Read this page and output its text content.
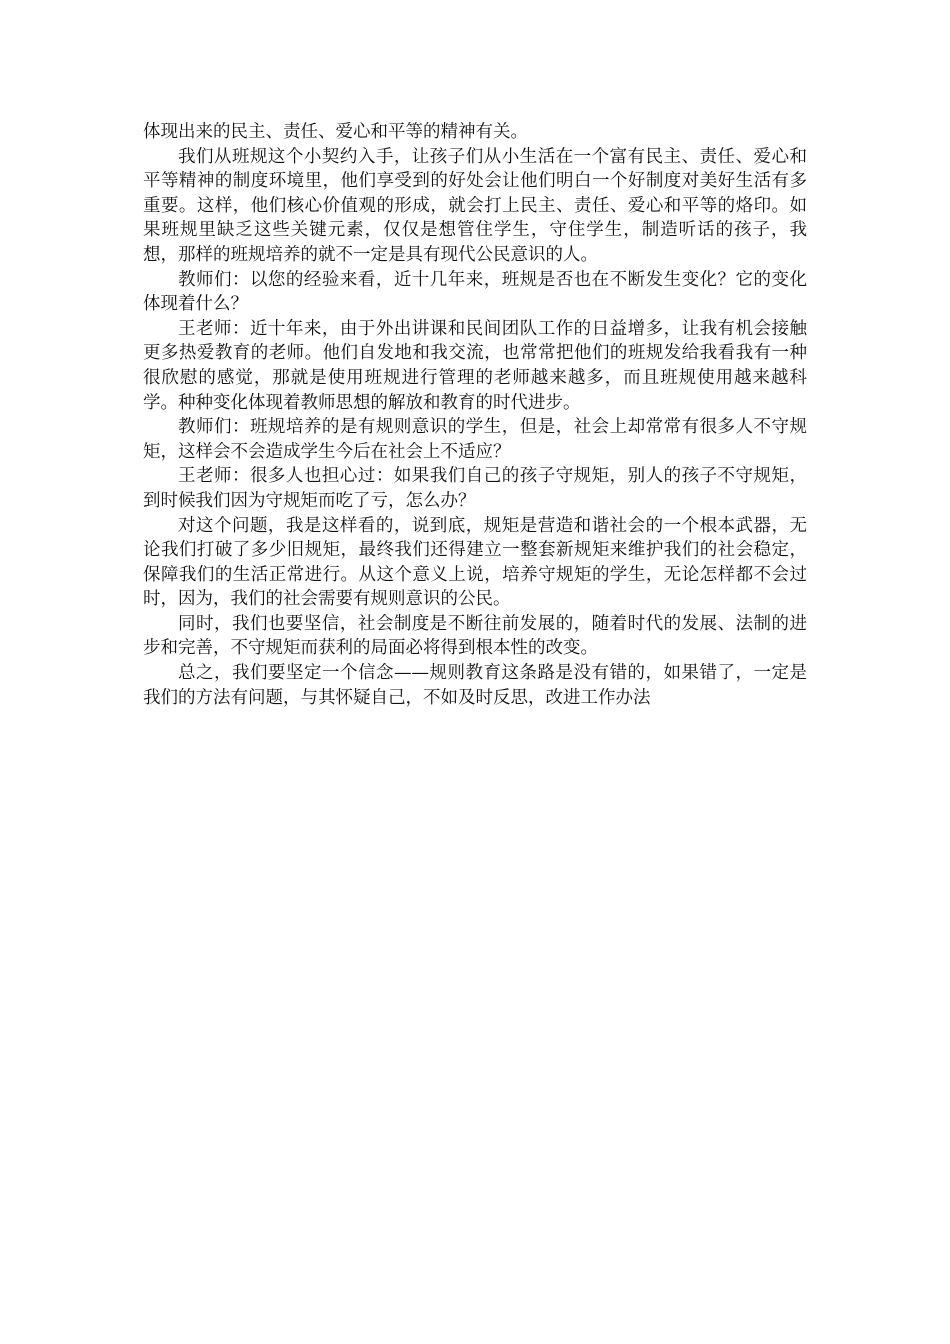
体现出来的民主、责任、爱心和平等的精神有关。

我们从班规这个小契约入手，让孩子们从小生活在一个富有民主、责任、爱心和平等精神的制度环境里，他们享受到的好处会让他们明白一个好制度对美好生活有多重要。这样，他们核心价值观的形成，就会打上民主、责任、爱心和平等的烙印。如果班规里缺乏这些关键元素，仅仅是想管住学生，守住学生，制造听话的孩子，我想，那样的班规培养的就不一定是具有现代公民意识的人。

教师们：以您的经验来看，近十几年来，班规是否也在不断发生变化？它的变化体现着什么？

王老师：近十年来，由于外出讲课和民间团队工作的日益增多，让我有机会接触更多热爱教育的老师。他们自发地和我交流，也常常把他们的班规发给我看我有一种很欣慰的感觉，那就是使用班规进行管理的老师越来越多，而且班规使用越来越科学。种种变化体现着教师思想的解放和教育的时代进步。

教师们：班规培养的是有规则意识的学生，但是，社会上却常常有很多人不守规矩，这样会不会造成学生今后在社会上不适应？

王老师：很多人也担心过：如果我们自己的孩子守规矩，别人的孩子不守规矩，到时候我们因为守规矩而吃了亏，怎么办？

对这个问题，我是这样看的，说到底，规矩是营造和谐社会的一个根本武器，无论我们打破了多少旧规矩，最终我们还得建立一整套新规矩来维护我们的社会稳定，保障我们的生活正常进行。从这个意义上说，培养守规矩的学生，无论怎样都不会过时，因为，我们的社会需要有规则意识的公民。

同时，我们也要坚信，社会制度是不断往前发展的，随着时代的发展、法制的进步和完善，不守规矩而获利的局面必将得到根本性的改变。

总之，我们要坚定一个信念——规则教育这条路是没有错的，如果错了，一定是我们的方法有问题，与其怀疑自己，不如及时反思，改进工作办法
